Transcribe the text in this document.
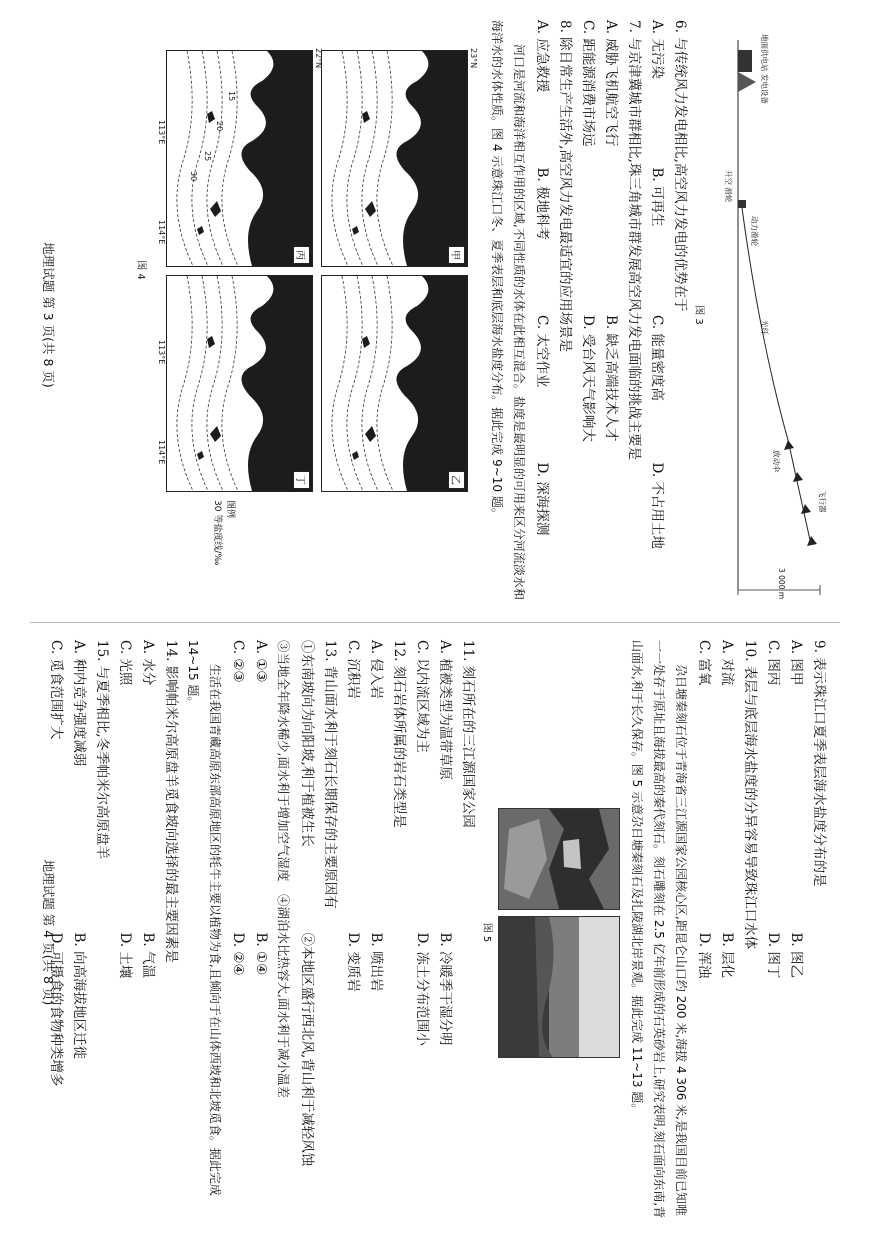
地面供电站 发电设备
升空 滑轮
动力滑轮
光纤
放动伞
飞行器
3 000 m
图 3

6. 与传统风力发电相比,高空风力发电的优势在于

A. 无污染
B. 可再生
C. 能量密度高
D. 不占用土地

7. 与京津冀城市群相比,珠三角城市群发展高空风力发电面临的挑战主要是

A. 威胁飞机航空飞行
B. 缺乏高端技术人才
C. 距能源消费市场远
D. 受台风天气影响大

8. 除日常生产生活外,高空风力发电最适宜的应用场景是

A. 应急救援
B. 极地科考
C. 太空作业
D. 深海探测

河口是河流和海洋相互作用的区域,不同性质的水体在此相互混合。盐度是最明显的可用来区分河流淡水和海洋水的水体性质。图 4 示意珠江口冬、夏季表层和底层海水盐度分布。据此完成 9~10 题。

甲
乙
丙
15
20
25
30
丁
23°N
22°N
113°E
114°E
113°E
114°E
图例
30 等盐度线/‰
图 4
地理试题 第 3 页(共 8 页)

9. 表示珠江口夏季表层海水盐度分布的是

A. 图甲
B. 图乙
C. 图丙
D. 图丁

10. 表层与底层海水盐度的分异容易导致珠江口水体

A. 对流
B. 层化
C. 富氧
D. 浑浊

尕日塘秦刻石位于青海省三江源国家公园核心区,距昆仑山口约 200 米,海拔 4 306 米,是我国目前已知唯一一处存于原址且海拔最高的秦代刻石。刻石雕刻在 2.5 亿年前形成的石英砂岩上,研究表明,刻石面向东南,背山面水,利于长久保存。图 5 示意尕日塘秦刻石及扎陵湖北岸景观。据此完成 11~13 题。

图 5

11. 刻石所在的三江源国家公园

A. 植被类型为温带草原
B. 冷暖季干湿分明
C. 以内流区域为主
D. 冻土分布范围小

12. 刻石岩体所属的岩石类型是

A. 侵入岩
B. 喷出岩
C. 沉积岩
D. 变质岩

13. 背山面水利于刻石长期保存的主要原因有

①东南坡向为向阳坡,利于植被生长
②本地区盛行西北风,背山利于减轻风蚀

③当地全年降水稀少,面水利于增加空气湿度　④湖泊水比热容大,面水利于减小温差

A. ①③
B. ①④
C. ②③
D. ②④

生活在我国青藏高原东部高原地区的牦牛主要以植物为食,且倾向于在山体西坡和北坡觅食。据此完成 14~15 题。

14. 影响帕米尔高原盘羊觅食坡向选择的最主要因素是

A. 水分
B. 气温
C. 光照
D. 土壤

15. 与夏季相比,冬季帕米尔高原盘羊

A. 种内竞争强度减弱
B. 向高海拔地区迁徙
C. 觅食范围扩大
D. 可摄食的食物种类增多
地理试题 第 4 页(共 8 页)
